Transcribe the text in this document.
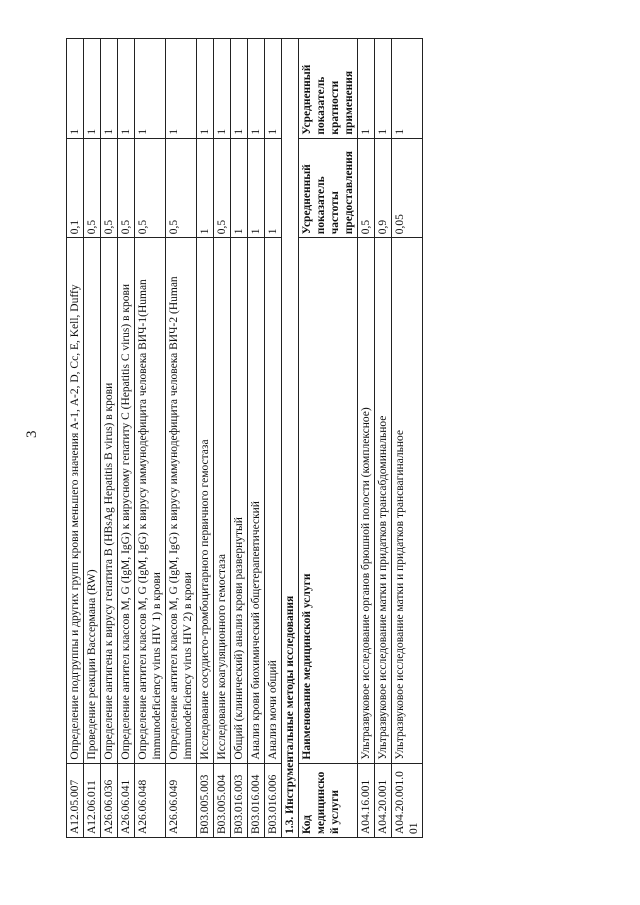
3
A12.05.007	Определение подгруппы и других групп крови меньшего значения А-1, А-2, D, Cc, E, Kell, Duffy	0,1	1
A12.06.011	Проведение реакции Вассермана (RW)	0,5	1
A26.06.036	Определение антигена к вирусу гепатита B (HBsAg Hepatitis B virus) в крови	0,5	1
A26.06.041	Определение антител классов M, G (IgM, IgG) к вирусному гепатиту C (Hepatitis C virus) в крови	0,5	1
A26.06.048	Определение антител классов M, G (IgM, IgG) к вирусу иммунодефицита человека ВИЧ-1(Human immunodeficiency virus HIV 1) в крови	0,5	1
A26.06.049	Определение антител классов M, G (IgM, IgG) к вирусу иммунодефицита человека ВИЧ-2 (Human immunodeficiency virus HIV 2) в крови	0,5	1
B03.005.003	Исследование сосудисто-тромбоцитарного первичного гемостаза	1	1
B03.005.004	Исследование коагуляционного гемостаза	0,5	1
B03.016.003	Общий (клинический) анализ крови развернутый	1	1
B03.016.004	Анализ крови биохимический общетерапевтический	1	1
B03.016.006	Анализ мочи общий	1	1
1.3. Инструментальные методы исследования			
Код медицинской услуги	Наименование медицинской услуги	Усредненный показатель частоты предоставления	Усредненный показатель кратности применения
A04.16.001	Ультразвуковое исследование органов брюшной полости (комплексное)	0,5	1
A04.20.001	Ультразвуковое исследование матки и придатков трансабдоминальное	0,9	1
A04.20.001.001	Ультразвуковое исследование матки и придатков трансвагинальное	0,05	1
